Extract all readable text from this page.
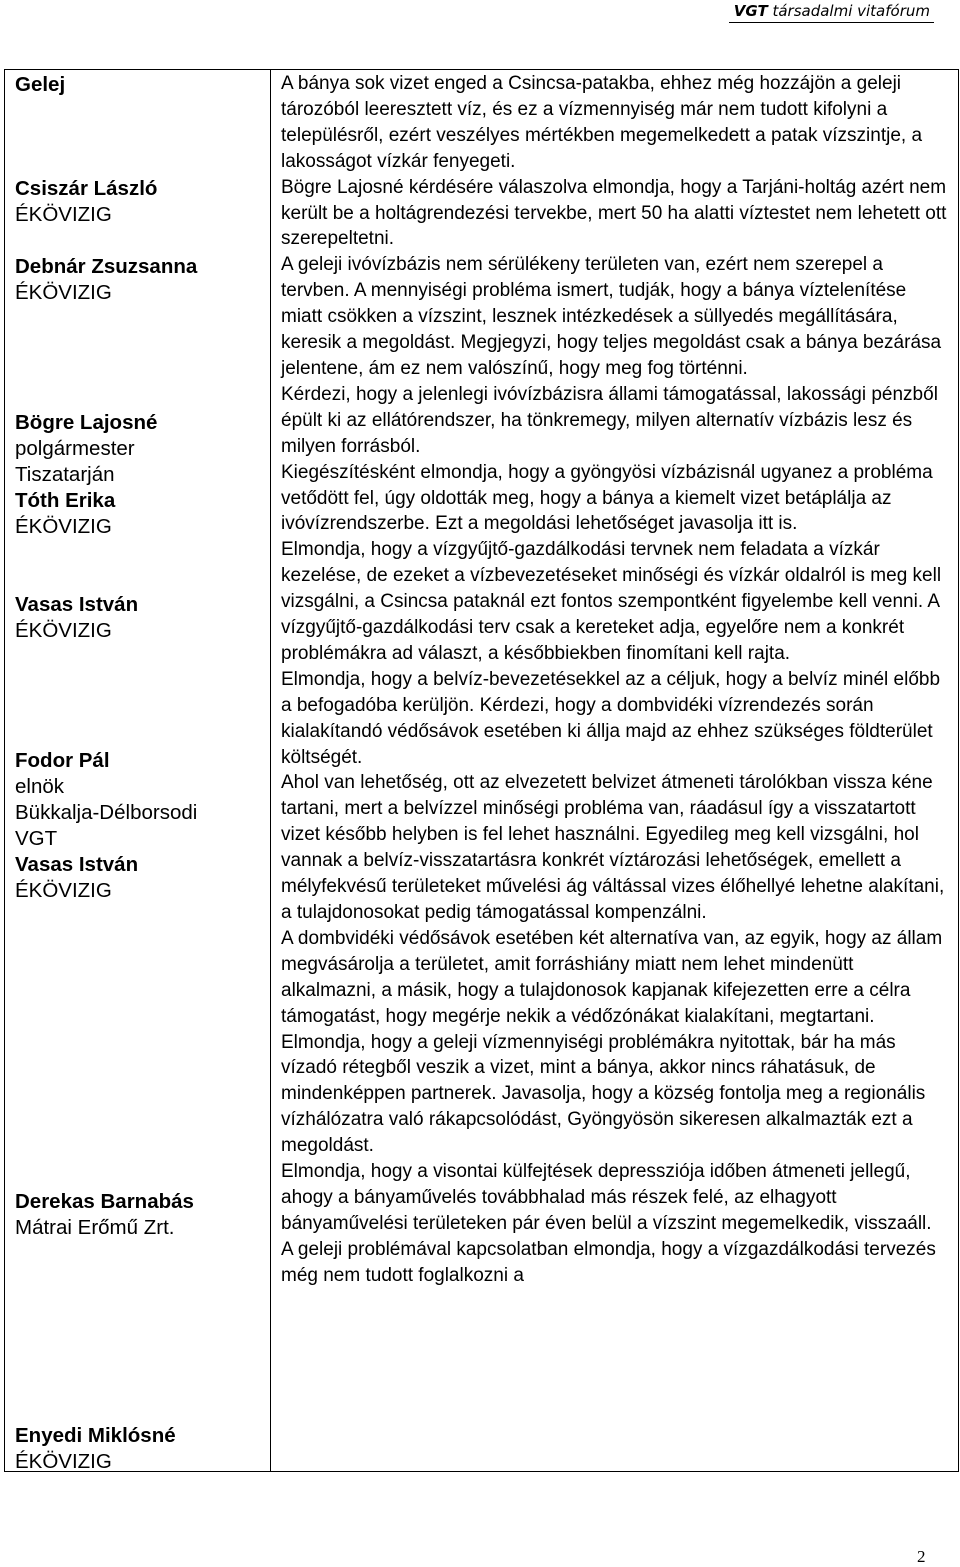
VGT társadalmi vitafórum
Gelej
Csiszár László
ÉKÖVIZIG
Debnár Zsuzsanna
ÉKÖVIZIG
Bögre Lajosné
polgármester
Tiszatarján
Tóth Erika
ÉKÖVIZIG
Vasas István
ÉKÖVIZIG
Fodor Pál
elnök
Bükkalja-Délborsodi
VGT
Vasas István
ÉKÖVIZIG
Derekas Barnabás
Mátrai Erőmű Zrt.
Enyedi Miklósné
ÉKÖVIZIG

A bánya sok vizet enged a Csincsa-patakba, ehhez még hozzájön a geleji tározóból leeresztett víz, és ez a vízmennyiség már nem tudott kifolyni a településről, ezért veszélyes mértékben megemelkedett a patak vízszintje, a lakosságot vízkár fenyegeti.

Bögre Lajosné kérdésére válaszolva elmondja, hogy a Tarjáni-holtág azért nem került be a holtágrendezési tervekbe, mert 50 ha alatti víztestet nem lehetett ott szerepeltetni.

A geleji ivóvízbázis nem sérülékeny területen van, ezért nem szerepel a tervben. A mennyiségi probléma ismert, tudják, hogy a bánya víztelenítése miatt csökken a vízszint, lesznek intézkedések a süllyedés megállítására, keresik a megoldást. Megjegyzi, hogy teljes megoldást csak a bánya bezárása jelentene, ám ez nem valószínű, hogy meg fog történni.

Kérdezi, hogy a jelenlegi ivóvízbázisra állami támogatással, lakossági pénzből épült ki az ellátórendszer, ha tönkremegy, milyen alternatív vízbázis lesz és milyen forrásból.

Kiegészítésként elmondja, hogy a gyöngyösi vízbázisnál ugyanez a probléma vetődött fel, úgy oldották meg, hogy a bánya a kiemelt vizet betáplálja az ivóvízrendszerbe. Ezt a megoldási lehetőséget javasolja itt is.

Elmondja, hogy a vízgyűjtő-gazdálkodási tervnek nem feladata a vízkár kezelése, de ezeket a vízbevezetéseket minőségi és vízkár oldalról is meg kell vizsgálni, a Csincsa pataknál ezt fontos szempontként figyelembe kell venni. A vízgyűjtő-gazdálkodási terv csak a kereteket adja, egyelőre nem a konkrét problémákra ad választ, a későbbiekben finomítani kell rajta.

Elmondja, hogy a belvíz-bevezetésekkel az a céljuk, hogy a belvíz minél előbb a befogadóba kerüljön. Kérdezi, hogy a dombvidéki vízrendezés során kialakítandó védősávok esetében ki állja majd az ehhez szükséges földterület költségét.

Ahol van lehetőség, ott az elvezetett belvizet átmeneti tárolókban vissza kéne tartani, mert a belvízzel minőségi probléma van, ráadásul így a visszatartott vizet később helyben is fel lehet használni. Egyedileg meg kell vizsgálni, hol vannak a belvíz-visszatartásra konkrét víztározási lehetőségek, emellett a mélyfekvésű területeket művelési ág váltással vizes élőhellyé lehetne alakítani, a tulajdonosokat pedig támogatással kompenzálni.

A dombvidéki védősávok esetében két alternatíva van, az egyik, hogy az állam megvásárolja a területet, amit forráshiány miatt nem lehet mindenütt alkalmazni, a másik, hogy a tulajdonosok kapjanak kifejezetten erre a célra támogatást, hogy megérje nekik a védőzónákat kialakítani, megtartani.

Elmondja, hogy a geleji vízmennyiségi problémákra nyitottak, bár ha más vízadó rétegből veszik a vizet, mint a bánya, akkor nincs ráhatásuk, de mindenképpen partnerek. Javasolja, hogy a község fontolja meg a regionális vízhálózatra való rákapcsolódást, Gyöngyösön sikeresen alkalmazták ezt a megoldást.

Elmondja, hogy a visontai külfejtések depressziója időben átmeneti jellegű, ahogy a bányaművelés továbbhalad más részek felé, az elhagyott bányaművelési területeken pár éven belül a vízszint megemelkedik, visszaáll.

A geleji problémával kapcsolatban elmondja, hogy a vízgazdálkodási tervezés még nem tudott foglalkozni a

2
